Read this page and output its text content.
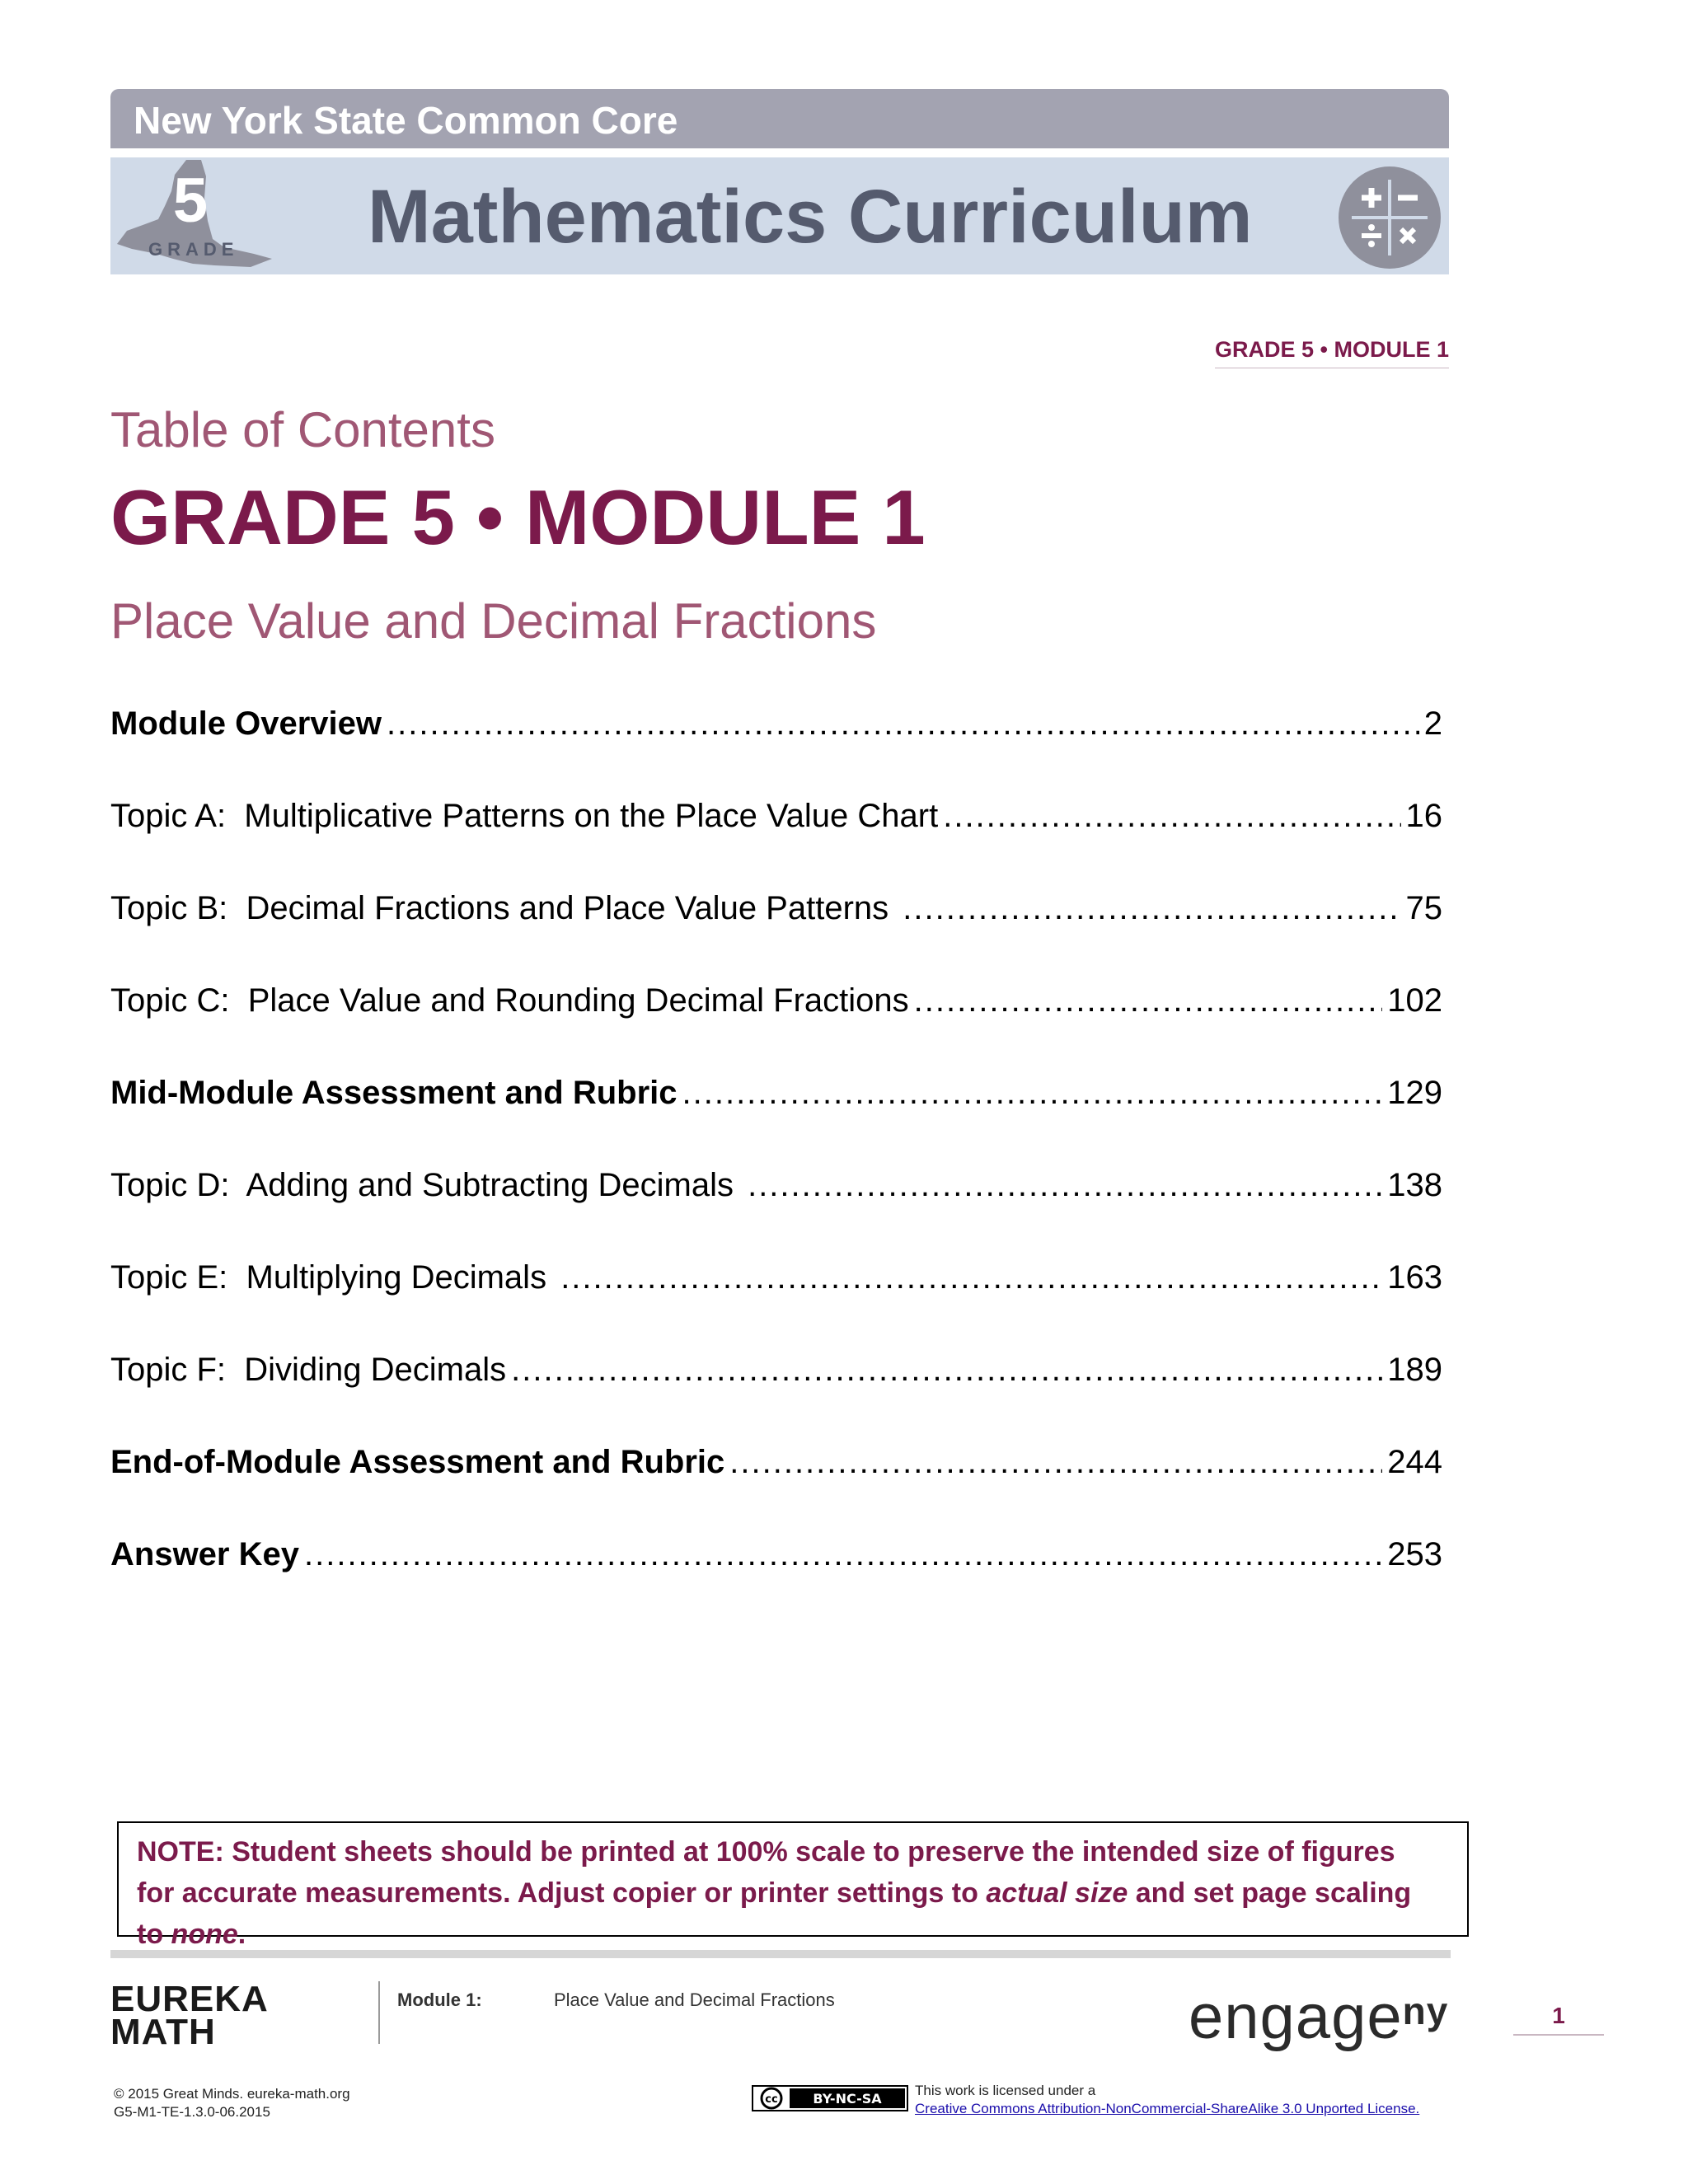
New York State Common Core
5
GRADE Mathematics Curriculum
GRADE 5 • MODULE 1
Table of Contents
GRADE 5 • MODULE 1
Place Value and Decimal Fractions
Module Overview .....	2
Topic A:  Multiplicative Patterns on the Place Value Chart .....	16
Topic B:  Decimal Fractions and Place Value Patterns .....	75
Topic C:  Place Value and Rounding Decimal Fractions .....	102
Mid-Module Assessment and Rubric .....	129
Topic D:  Adding and Subtracting Decimals .....	138
Topic E:  Multiplying Decimals .....	163
Topic F:  Dividing Decimals .....	189
End-of-Module Assessment and Rubric .....	244
Answer Key .....	253
NOTE: Student sheets should be printed at 100% scale to preserve the intended size of figures for accurate measurements. Adjust copier or printer settings to actual size and set page scaling to none.
EUREKA
MATH
Module 1:	Place Value and Decimal Fractions	engage$^{ny}$	1
© 2015 Great Minds. eureka-math.org
G5-M1-TE-1.3.0-06.2015
cc	BY-NC-SA
This work is licensed under a
Creative Commons Attribution-NonCommercial-ShareAlike 3.0 Unported License.
